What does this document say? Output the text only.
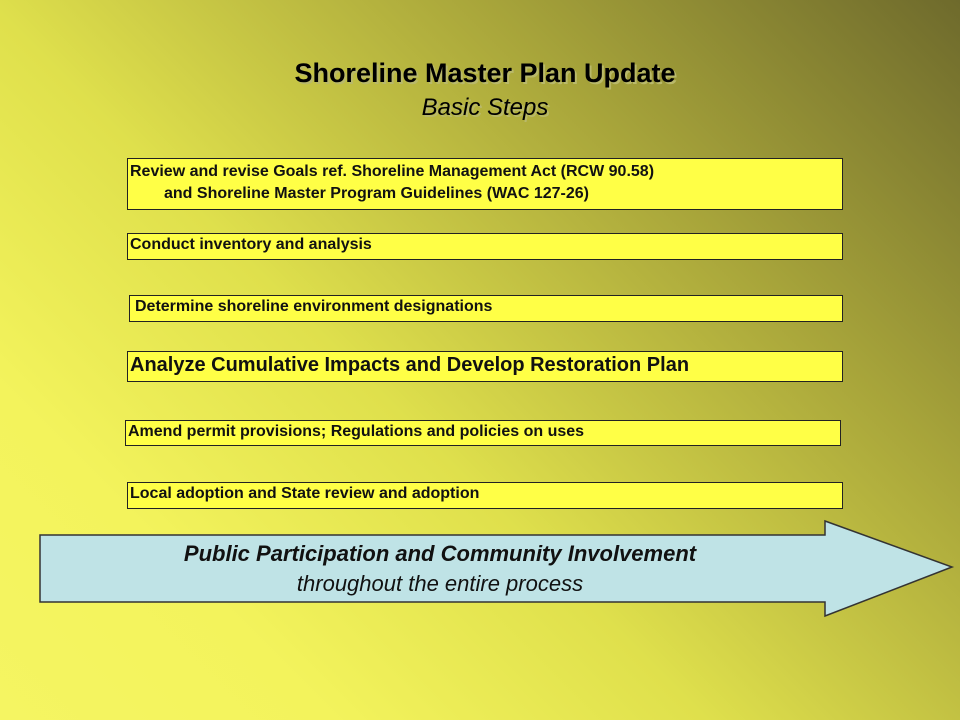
Shoreline Master Plan Update
Basic Steps
Review and revise Goals ref. Shoreline Management Act (RCW 90.58)
and Shoreline Master Program Guidelines (WAC 127-26)
Conduct inventory and analysis
Determine shoreline environment designations
Analyze Cumulative Impacts and Develop Restoration Plan
Amend permit provisions; Regulations and policies on uses
Local adoption and State review and adoption
Public Participation and Community Involvement
throughout the entire process
